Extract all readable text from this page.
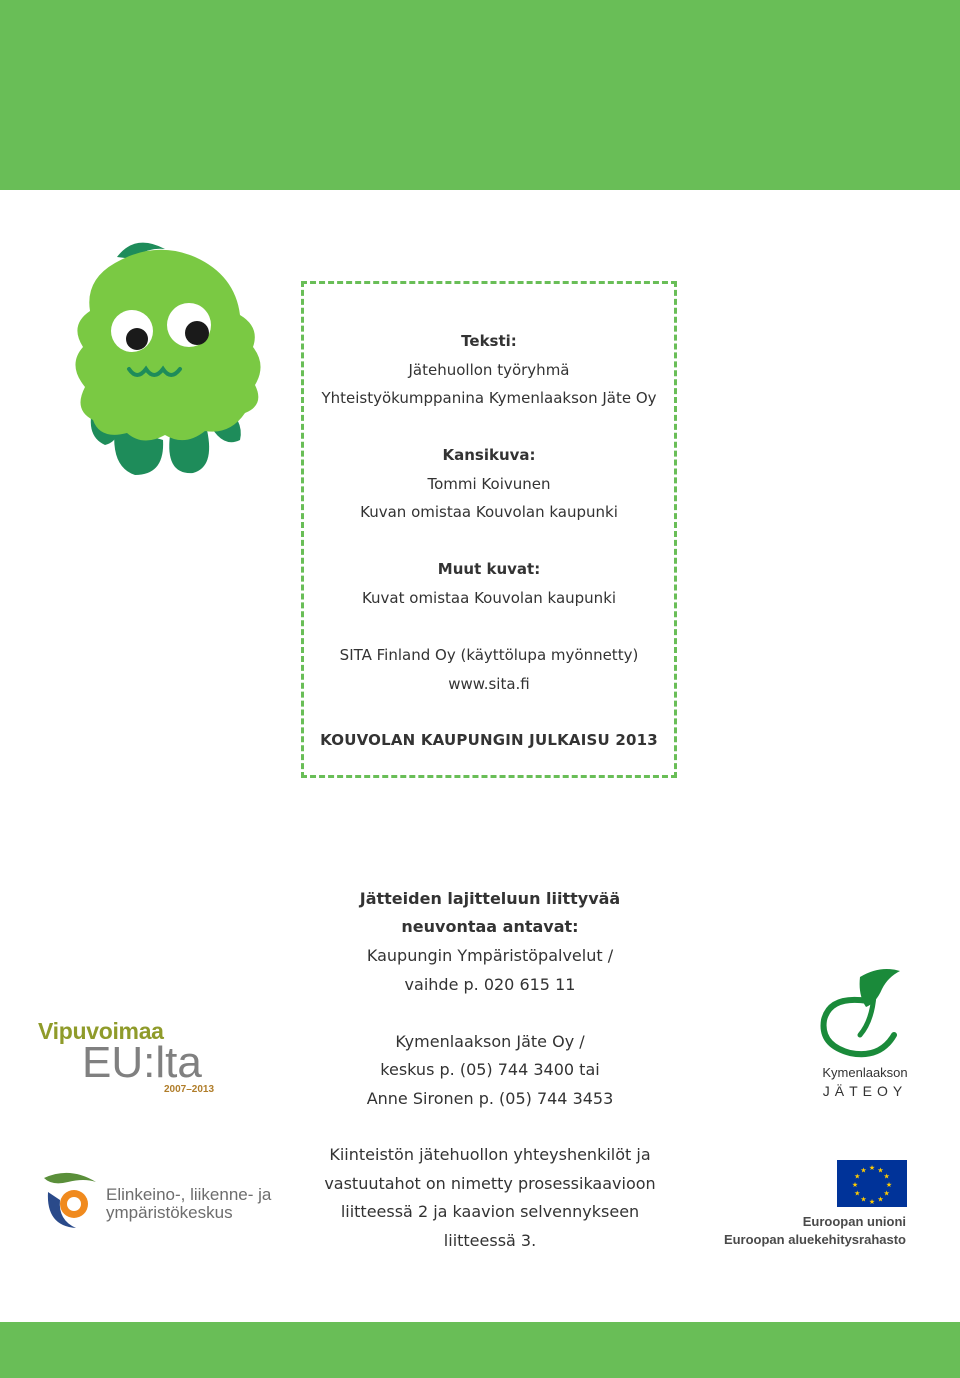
Teksti:
Jätehuollon työryhmä
Yhteistyökumppanina Kymenlaakson Jäte Oy
Kansikuva:
Tommi Koivunen
Kuvan omistaa Kouvolan kaupunki
Muut kuvat:
Kuvat omistaa Kouvolan kaupunki
SITA Finland Oy (käyttölupa myönnetty)
www.sita.fi
KOUVOLAN KAUPUNGIN JULKAISU 2013
Jätteiden lajitteluun liittyvää
neuvontaa antavat:
Kaupungin Ympäristöpalvelut /
vaihde p. 020 615 11
Kymenlaakson Jäte Oy /
keskus p. (05) 744 3400 tai
Anne Sironen p. (05) 744 3453
Vipuvoimaa
EU:lta
2007–2013
Kymenlaakson
JÄTEOY
Elinkeino-, liikenne- ja
ympäristökeskus
Kiinteistön jätehuollon yhteyshenkilöt ja
vastuutahot on nimetty prosessikaavioon
liitteessä 2 ja kaavion selvennykseen
liitteessä 3.
★ ★
★
★
★
★
★
★
★
★
★
★
Euroopan unioni
Euroopan aluekehitysrahasto
